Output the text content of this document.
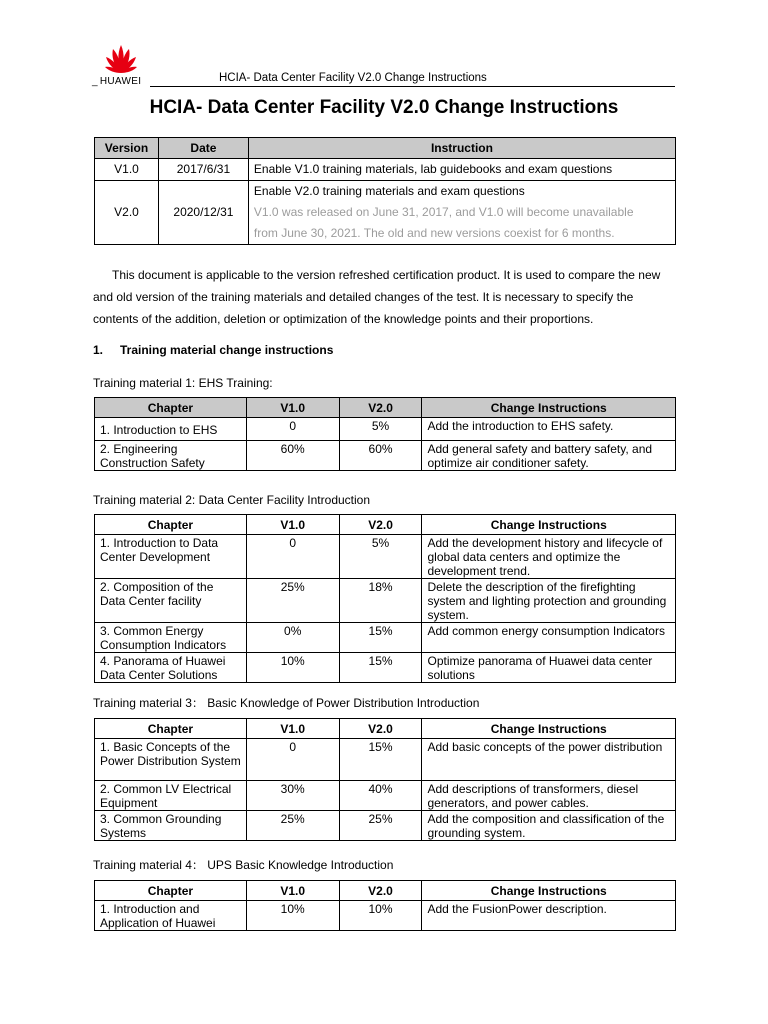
_ HUAWEI	HCIA- Data Center Facility V2.0 Change Instructions
HCIA- Data Center Facility V2.0 Change Instructions
Version	Date	Instruction
V1.0	2017/6/31	Enable V1.0 training materials, lab guidebooks and exam questions

V2.0	2020/12/31	Enable V2.0 training materials and exam questions
V1.0 was released on June 31, 2017, and V1.0 will become unavailable
from June 30, 2021. The old and new versions coexist for 6 months.

This document is applicable to the version refreshed certification product. It is used to compare the new and old version of the training materials and detailed changes of the test. It is necessary to specify the contents of the addition, deletion or optimization of the knowledge points and their proportions.

1. Training material change instructions
Training material 1: EHS Training:
Chapter	V1.0	V2.0	Change Instructions
1. Introduction to EHS	0	5%	Add the introduction to EHS safety.
2. Engineering Construction Safety	60%	60%	Add general safety and battery safety, and optimize air conditioner safety.
Training material 2: Data Center Facility Introduction
Chapter	V1.0	V2.0	Change Instructions
1. Introduction to Data Center Development	0	5%	Add the development history and lifecycle of global data centers and optimize the development trend.
2. Composition of the Data Center facility	25%	18%	Delete the description of the firefighting system and lighting protection and grounding system.
3. Common Energy Consumption Indicators	0%	15%	Add common energy consumption Indicators
4. Panorama of Huawei Data Center Solutions	10%	15%	Optimize panorama of Huawei data center solutions
Training material 3： Basic Knowledge of Power Distribution Introduction
Chapter	V1.0	V2.0	Change Instructions
1. Basic Concepts of the Power Distribution System	0	15%	Add basic concepts of the power distribution
2. Common LV Electrical Equipment	30%	40%	Add descriptions of transformers, diesel generators, and power cables.
3. Common Grounding Systems	25%	25%	Add the composition and classification of the grounding system.
Training material 4： UPS Basic Knowledge Introduction
Chapter	V1.0	V2.0	Change Instructions
1. Introduction and Application of Huawei	10%	10%	Add the FusionPower description.
